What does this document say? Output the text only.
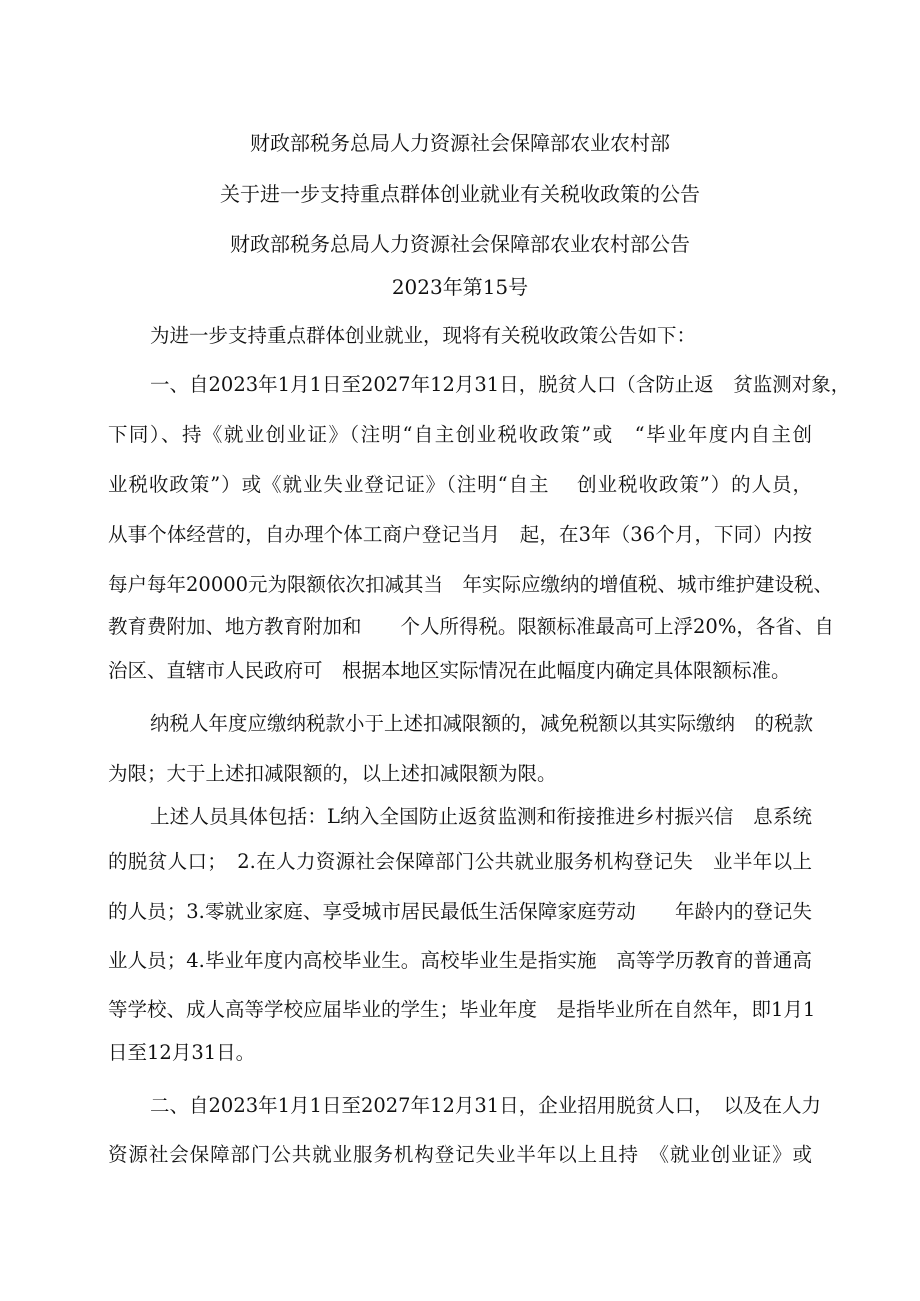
财政部税务总局人力资源社会保障部农业农村部
关于进一步支持重点群体创业就业有关税收政策的公告
财政部税务总局人力资源社会保障部农业农村部公告
2023年第15号
为进一步支持重点群体创业就业，现将有关税收政策公告如下：
一、自2023年1月1日至2027年12月31日，脱贫人口（含防止返　贫监测对象，
下同）、持《就业创业证》（注明“自主创业税收政策”或　“毕业年度内自主创
业税收政策”）或《就业失业登记证》（注明“自主　 创业税收政策”）的人员，
从事个体经营的，自办理个体工商户登记当月　起，在3年（36个月，下同）内按
每户每年20000元为限额依次扣减其当　年实际应缴纳的增值税、城市维护建设税、
教育费附加、地方教育附加和　　个人所得税。限额标准最高可上浮20%，各省、自
治区、直辖市人民政府可　根据本地区实际情况在此幅度内确定具体限额标准。
纳税人年度应缴纳税款小于上述扣减限额的，减免税额以其实际缴纳　的税款
为限；大于上述扣减限额的，以上述扣减限额为限。
上述人员具体包括：L纳入全国防止返贫监测和衔接推进乡村振兴信　息系统
的脱贫人口；　2.在人力资源社会保障部门公共就业服务机构登记失　业半年以上
的人员；3.零就业家庭、享受城市居民最低生活保障家庭劳动　　年龄内的登记失
业人员；4.毕业年度内高校毕业生。高校毕业生是指实施　高等学历教育的普通高
等学校、成人高等学校应届毕业的学生；毕业年度　是指毕业所在自然年，即1月1
日至12月31日。
二、自2023年1月1日至2027年12月31日，企业招用脱贫人口，　以及在人力
资源社会保障部门公共就业服务机构登记失业半年以上且持　《就业创业证》或
